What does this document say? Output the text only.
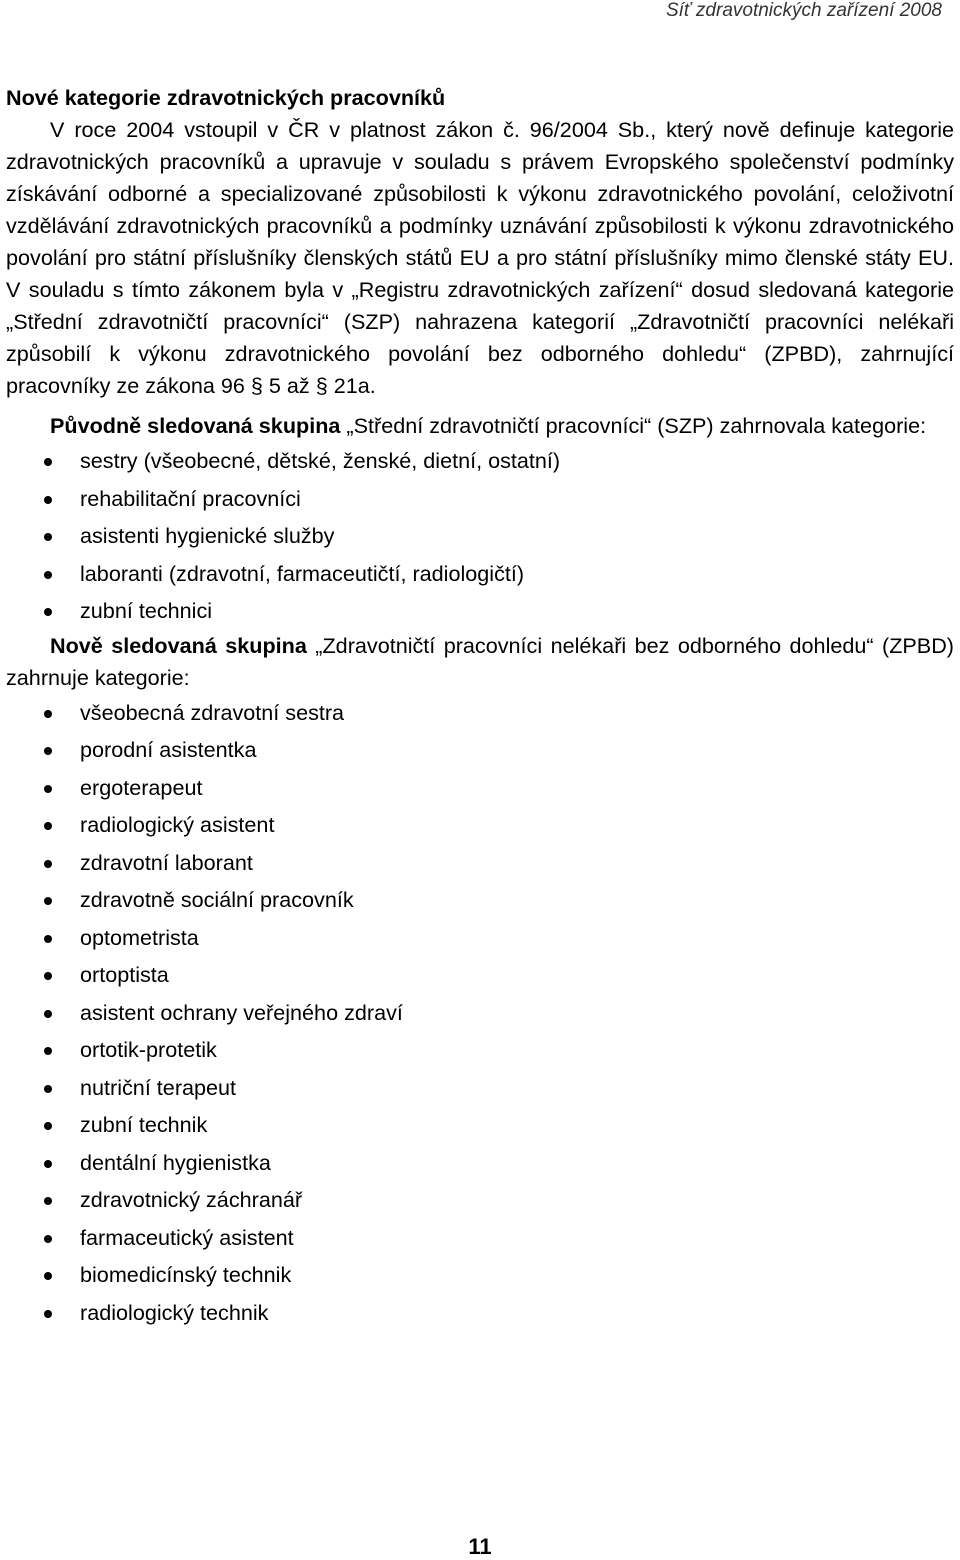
Síť zdravotnických zařízení 2008
Nové kategorie zdravotnických pracovníků

V roce 2004 vstoupil v ČR v platnost zákon č. 96/2004 Sb., který nově definuje kategorie zdravotnických pracovníků a upravuje v souladu s právem Evropského společenství podmínky získávání odborné a specializované způsobilosti k výkonu zdravotnického povolání, celoživotní vzdělávání zdravotnických pracovníků a podmínky uznávání způsobilosti k výkonu zdravotnického povolání pro státní příslušníky členských států EU a pro státní příslušníky mimo členské státy EU. V souladu s tímto zákonem byla v „Registru zdravotnických zařízení“ dosud sledovaná kategorie „Střední zdravotničtí pracovníci“ (SZP) nahrazena kategorií „Zdravotničtí pracovníci nelékaři způsobilí k výkonu zdravotnického povolání bez odborného dohledu“ (ZPBD), zahrnující pracovníky ze zákona 96 § 5 až § 21a.

Původně sledovaná skupina „Střední zdravotničtí pracovníci“ (SZP) zahrnovala kategorie:

sestry (všeobecné, dětské, ženské, dietní, ostatní)
rehabilitační pracovníci
asistenti hygienické služby
laboranti (zdravotní, farmaceutičtí, radiologičtí)
zubní technici

Nově sledovaná skupina „Zdravotničtí pracovníci nelékaři bez odborného dohledu“ (ZPBD) zahrnuje kategorie:

všeobecná zdravotní sestra
porodní asistentka
ergoterapeut
radiologický asistent
zdravotní laborant
zdravotně sociální pracovník
optometrista
ortoptista
asistent ochrany veřejného zdraví
ortotik-protetik
nutriční terapeut
zubní technik
dentální hygienistka
zdravotnický záchranář
farmaceutický asistent
biomedicínský technik
radiologický technik
11
